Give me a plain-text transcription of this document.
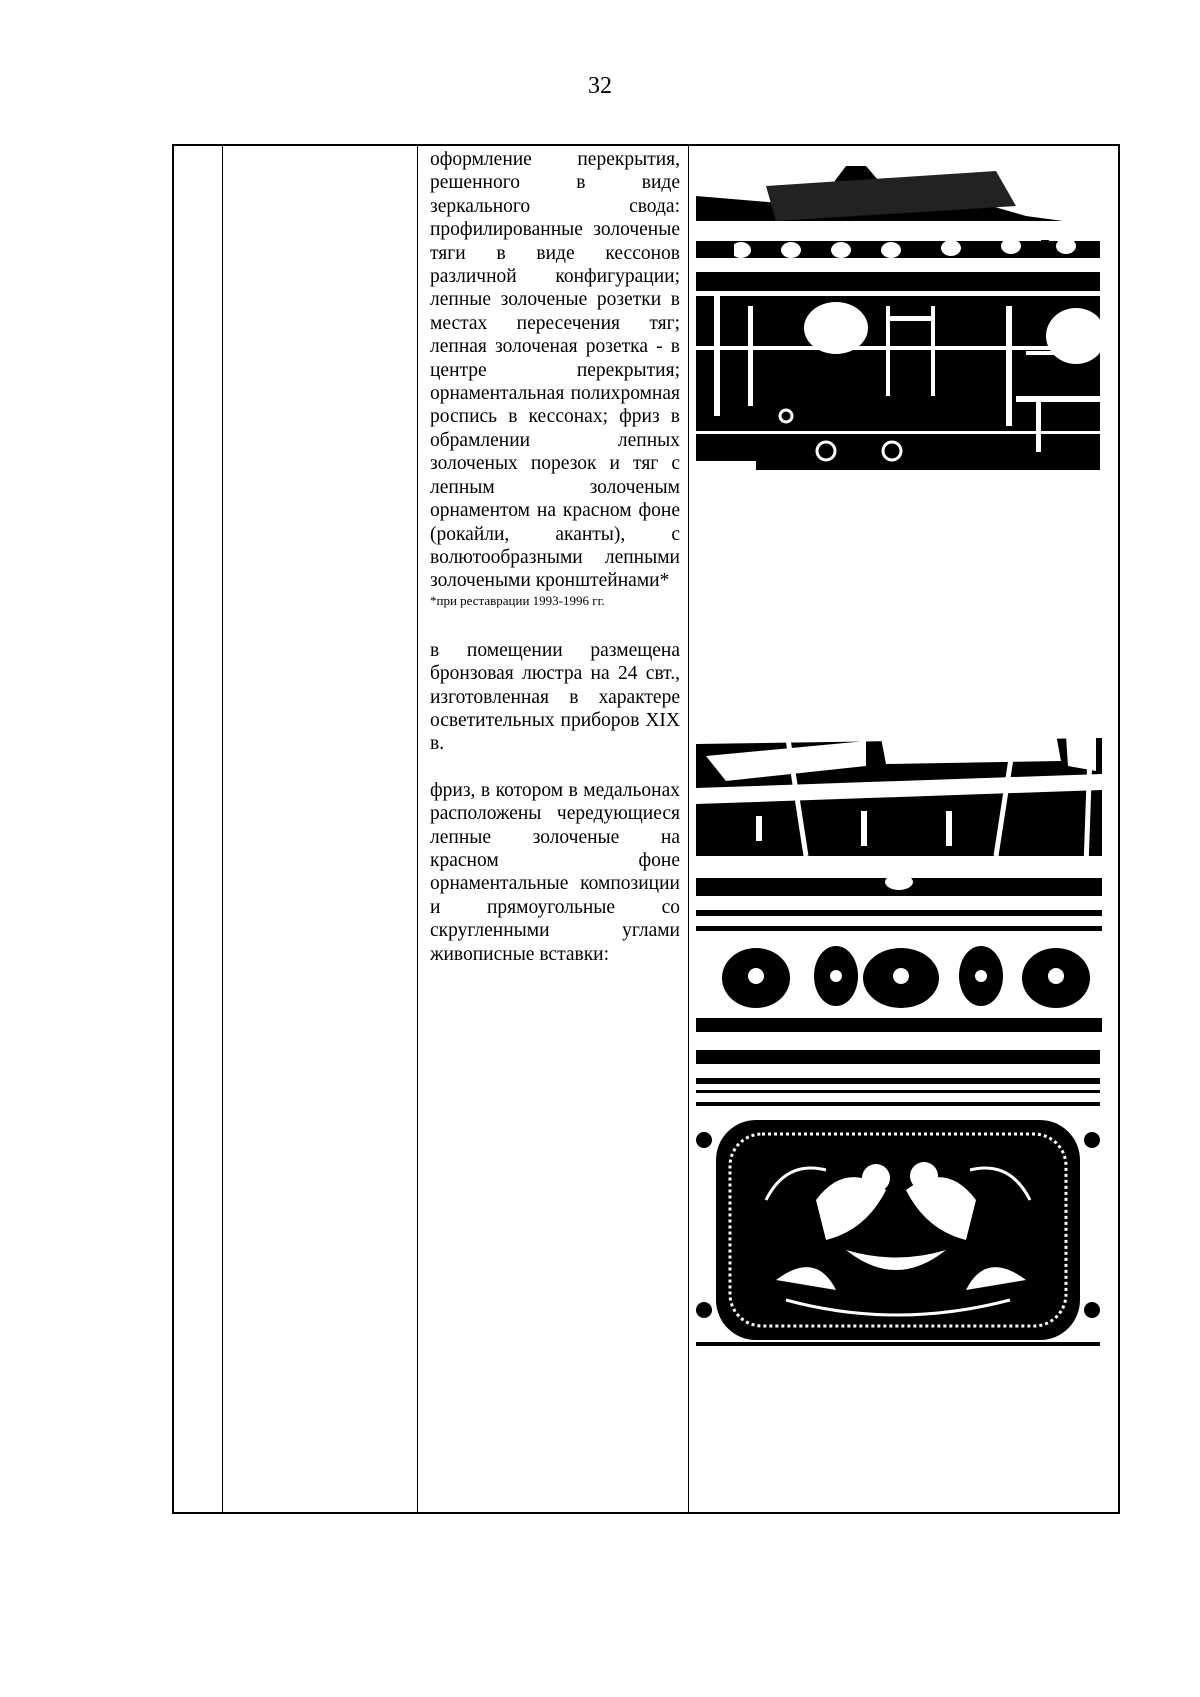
32

оформление перекрытия, решенного в виде зеркального свода: профилированные золоченые тяги в виде кессонов различной конфигурации; лепные золоченые розетки в местах пересечения тяг; лепная золоченая розетка - в центре перекрытия; орнаментальная полихромная роспись в кессонах; фриз в обрамлении лепных золоченых порезок и тяг с лепным золоченым орнаментом на красном фоне (рокайли, аканты), с волютообразными лепными золочеными кронштейнами*

*при реставрации 1993-1996 гг.

в помещении размещена бронзовая люстра на 24 свт., изготовленная в характере осветительных приборов XIX в.

фриз, в котором в медальонах расположены чередующиеся лепные золоченые на красном фоне орнаментальные композиции и прямоугольные со скругленными углами живописные вставки:
